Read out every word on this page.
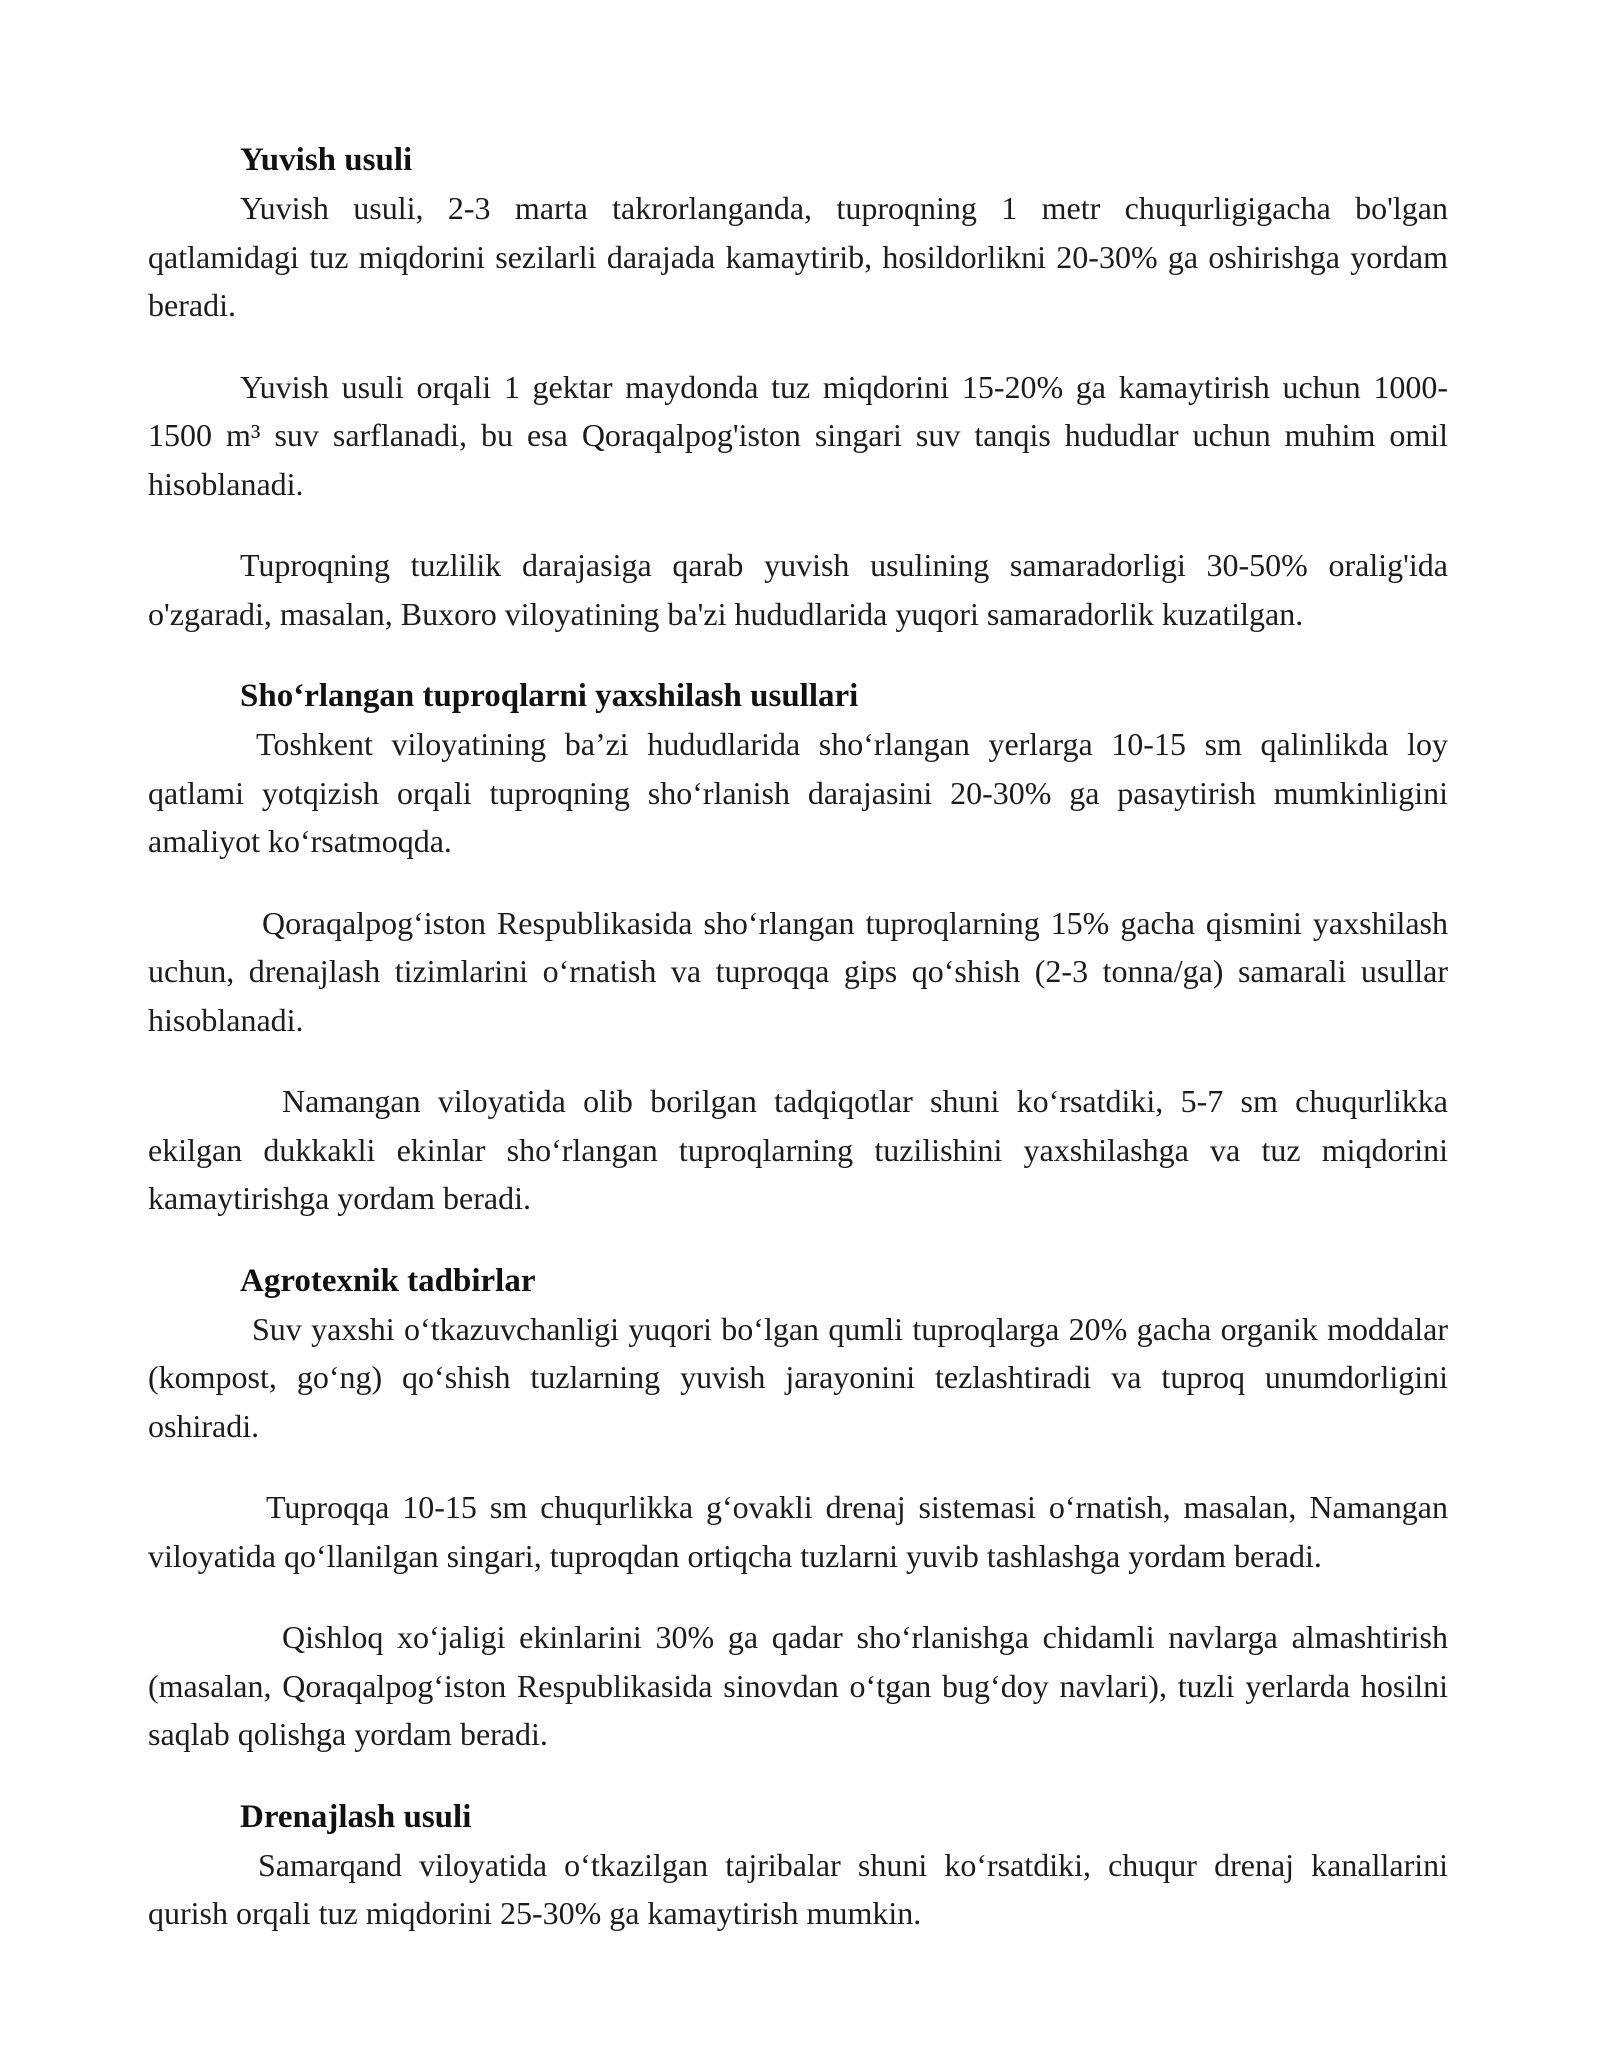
Yuvish usuli

Yuvish usuli, 2-3 marta takrorlanganda, tuproqning 1 metr chuqurligigacha bo'lgan qatlamidagi tuz miqdorini sezilarli darajada kamaytirib, hosildorlikni 20-30% ga oshirishga yordam beradi.

Yuvish usuli orqali 1 gektar maydonda tuz miqdorini 15-20% ga kamaytirish uchun 1000-1500 m³ suv sarflanadi, bu esa Qoraqalpog'iston singari suv tanqis hududlar uchun muhim omil hisoblanadi.

Tuproqning tuzlilik darajasiga qarab yuvish usulining samaradorligi 30-50% oralig'ida o'zgaradi, masalan, Buxoro viloyatining ba'zi hududlarida yuqori samaradorlik kuzatilgan.

Sho‘rlangan tuproqlarni yaxshilash usullari

Toshkent viloyatining ba’zi hududlarida sho‘rlangan yerlarga 10-15 sm qalinlikda loy qatlami yotqizish orqali tuproqning sho‘rlanish darajasini 20-30% ga pasaytirish mumkinligini amaliyot ko‘rsatmoqda.

Qoraqalpog‘iston Respublikasida sho‘rlangan tuproqlarning 15% gacha qismini yaxshilash uchun, drenajlash tizimlarini o‘rnatish va tuproqqa gips qo‘shish (2-3 tonna/ga) samarali usullar hisoblanadi.

Namangan viloyatida olib borilgan tadqiqotlar shuni ko‘rsatdiki, 5-7 sm chuqurlikka ekilgan dukkakli ekinlar sho‘rlangan tuproqlarning tuzilishini yaxshilashga va tuz miqdorini kamaytirishga yordam beradi.

Agrotexnik tadbirlar

Suv yaxshi o‘tkazuvchanligi yuqori bo‘lgan qumli tuproqlarga 20% gacha organik moddalar (kompost, go‘ng) qo‘shish tuzlarning yuvish jarayonini tezlashtiradi va tuproq unumdorligini oshiradi.

Tuproqqa 10-15 sm chuqurlikka g‘ovakli drenaj sistemasi o‘rnatish, masalan, Namangan viloyatida qo‘llanilgan singari, tuproqdan ortiqcha tuzlarni yuvib tashlashga yordam beradi.

Qishloq xo‘jaligi ekinlarini 30% ga qadar sho‘rlanishga chidamli navlarga almashtirish (masalan, Qoraqalpog‘iston Respublikasida sinovdan o‘tgan bug‘doy navlari), tuzli yerlarda hosilni saqlab qolishga yordam beradi.

Drenajlash usuli

Samarqand viloyatida o‘tkazilgan tajribalar shuni ko‘rsatdiki, chuqur drenaj kanallarini qurish orqali tuz miqdorini 25-30% ga kamaytirish mumkin.
